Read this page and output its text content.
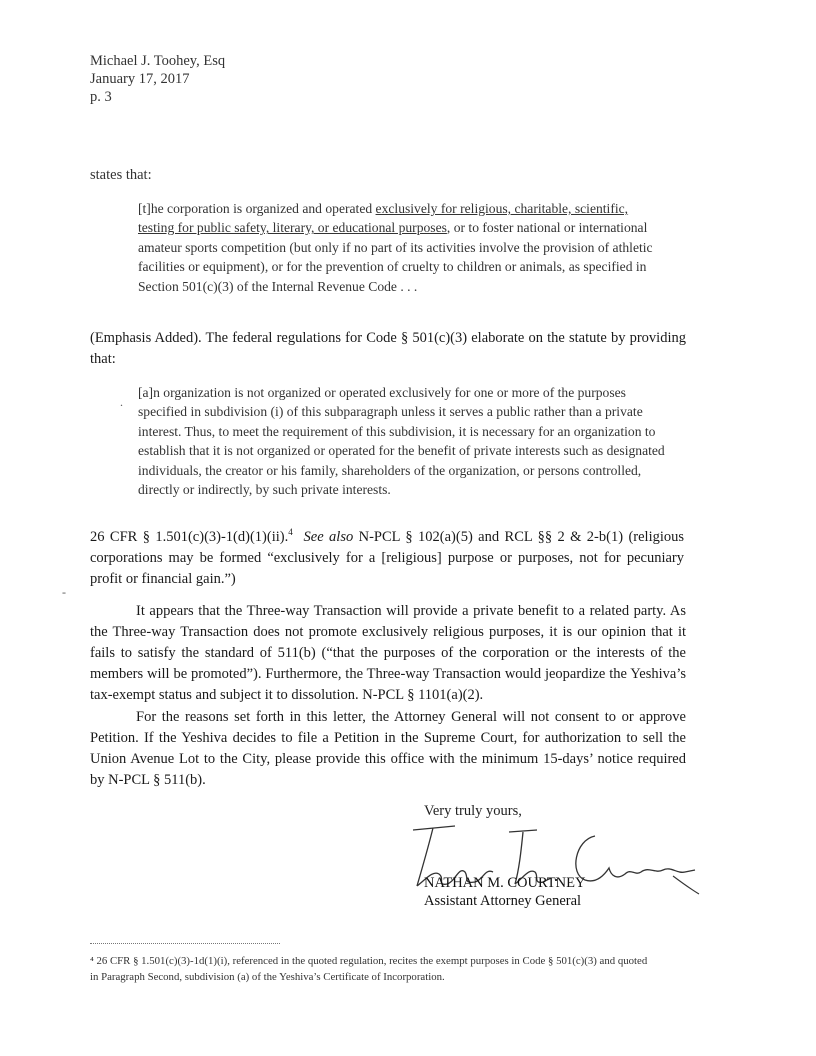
Michael J. Toohey, Esq
January 17, 2017
p. 3
states that:
[t]he corporation is organized and operated exclusively for religious, charitable, scientific, testing for public safety, literary, or educational purposes, or to foster national or international amateur sports competition (but only if no part of its activities involve the provision of athletic facilities or equipment), or for the prevention of cruelty to children or animals, as specified in Section 501(c)(3) of the Internal Revenue Code . . .
(Emphasis Added). The federal regulations for Code § 501(c)(3) elaborate on the statute by providing that:
[a]n organization is not organized or operated exclusively for one or more of the purposes specified in subdivision (i) of this subparagraph unless it serves a public rather than a private interest. Thus, to meet the requirement of this subdivision, it is necessary for an organization to establish that it is not organized or operated for the benefit of private interests such as designated individuals, the creator or his family, shareholders of the organization, or persons controlled, directly or indirectly, by such private interests.
26 CFR § 1.501(c)(3)-1(d)(1)(ii).$^4$ See also N-PCL § 102(a)(5) and RCL §§ 2 & 2-b(1) (religious corporations may be formed “exclusively for a [religious] purpose or purposes, not for pecuniary profit or financial gain.”)
It appears that the Three-way Transaction will provide a private benefit to a related party. As the Three-way Transaction does not promote exclusively religious purposes, it is our opinion that it fails to satisfy the standard of 511(b) (“that the purposes of the corporation or the interests of the members will be promoted”). Furthermore, the Three-way Transaction would jeopardize the Yeshiva’s tax-exempt status and subject it to dissolution. N-PCL § 1101(a)(2).
For the reasons set forth in this letter, the Attorney General will not consent to or approve Petition. If the Yeshiva decides to file a Petition in the Supreme Court, for authorization to sell the Union Avenue Lot to the City, please provide this office with the minimum 15-days’ notice required by N-PCL § 511(b).
Very truly yours,
NATHAN M. COURTNEY
Assistant Attorney General
⁴ 26 CFR § 1.501(c)(3)-1d(1)(i), referenced in the quoted regulation, recites the exempt purposes in Code § 501(c)(3) and quoted in Paragraph Second, subdivision (a) of the Yeshiva’s Certificate of Incorporation.
.
-
